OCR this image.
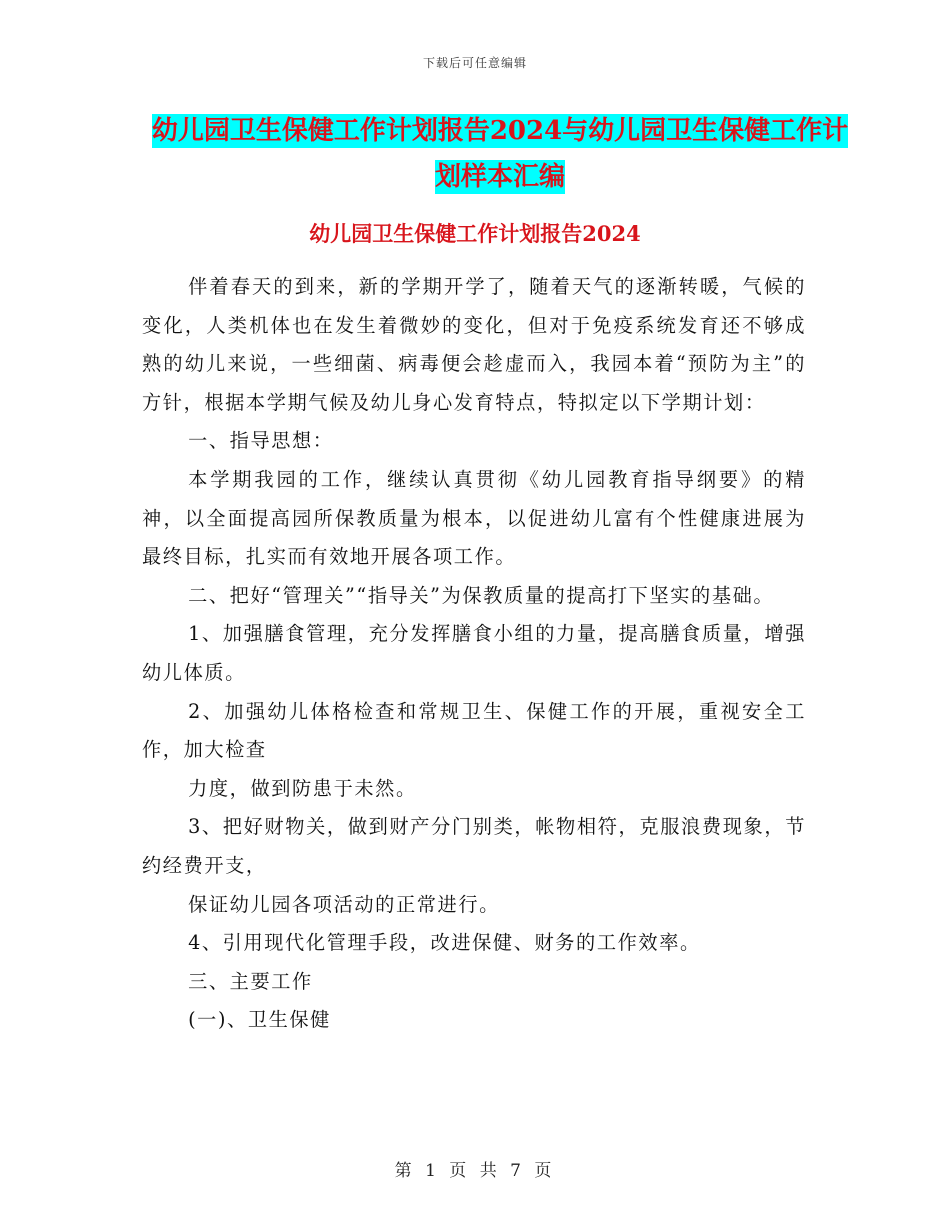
下载后可任意编辑
幼儿园卫生保健工作计划报告2024与幼儿园卫生保健工作计划样本汇编
幼儿园卫生保健工作计划报告2024

伴着春天的到来，新的学期开学了，随着天气的逐渐转暖，气候的变化，人类机体也在发生着微妙的变化，但对于免疫系统发育还不够成熟的幼儿来说，一些细菌、病毒便会趁虚而入，我园本着“预防为主”的方针，根据本学期气候及幼儿身心发育特点，特拟定以下学期计划：

一、指导思想：

本学期我园的工作，继续认真贯彻《幼儿园教育指导纲要》的精神，以全面提高园所保教质量为根本，以促进幼儿富有个性健康进展为最终目标，扎实而有效地开展各项工作。

二、把好“管理关”“指导关”为保教质量的提高打下坚实的基础。

1、加强膳食管理，充分发挥膳食小组的力量，提高膳食质量，增强幼儿体质。

2、加强幼儿体格检查和常规卫生、保健工作的开展，重视安全工作，加大检查

力度，做到防患于未然。

3、把好财物关，做到财产分门别类，帐物相符，克服浪费现象，节约经费开支，

保证幼儿园各项活动的正常进行。

4、引用现代化管理手段，改进保健、财务的工作效率。

三、主要工作

(一)、卫生保健

第 1 页 共 7 页
